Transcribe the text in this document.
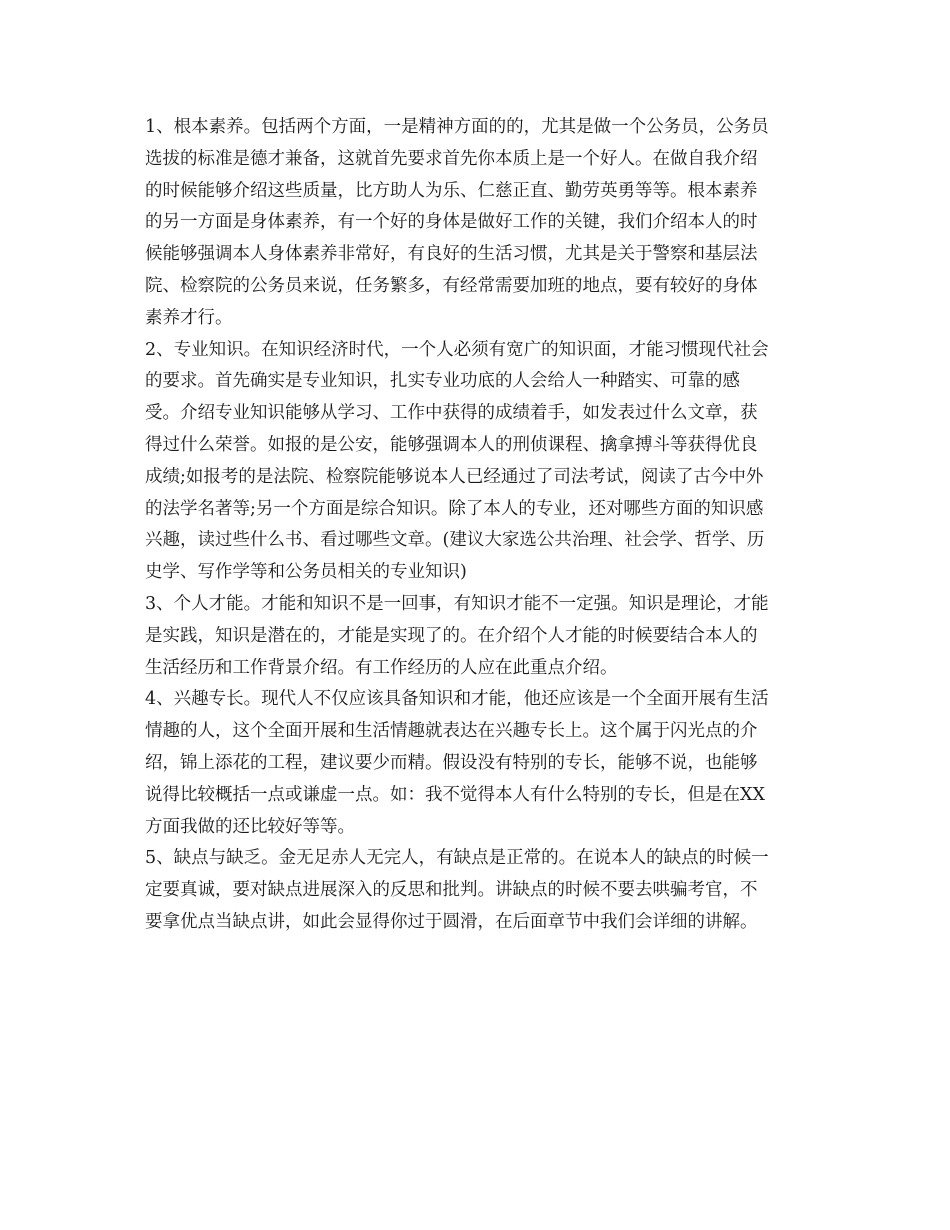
1、根本素养。包括两个方面，一是精神方面的的，尤其是做一个公务员，公务员
选拔的标准是德才兼备，这就首先要求首先你本质上是一个好人。在做自我介绍
的时候能够介绍这些质量，比方助人为乐、仁慈正直、勤劳英勇等等。根本素养
的另一方面是身体素养，有一个好的身体是做好工作的关键，我们介绍本人的时
候能够强调本人身体素养非常好，有良好的生活习惯，尤其是关于警察和基层法
院、检察院的公务员来说，任务繁多，有经常需要加班的地点，要有较好的身体
素养才行。
2、专业知识。在知识经济时代，一个人必须有宽广的知识面，才能习惯现代社会
的要求。首先确实是专业知识，扎实专业功底的人会给人一种踏实、可靠的感
受。介绍专业知识能够从学习、工作中获得的成绩着手，如发表过什么文章，获
得过什么荣誉。如报的是公安，能够强调本人的刑侦课程、擒拿搏斗等获得优良
成绩;如报考的是法院、检察院能够说本人已经通过了司法考试，阅读了古今中外
的法学名著等;另一个方面是综合知识。除了本人的专业，还对哪些方面的知识感
兴趣，读过些什么书、看过哪些文章。(建议大家选公共治理、社会学、哲学、历
史学、写作学等和公务员相关的专业知识)
3、个人才能。才能和知识不是一回事，有知识才能不一定强。知识是理论，才能
是实践，知识是潜在的，才能是实现了的。在介绍个人才能的时候要结合本人的
生活经历和工作背景介绍。有工作经历的人应在此重点介绍。
4、兴趣专长。现代人不仅应该具备知识和才能，他还应该是一个全面开展有生活
情趣的人，这个全面开展和生活情趣就表达在兴趣专长上。这个属于闪光点的介
绍，锦上添花的工程，建议要少而精。假设没有特别的专长，能够不说，也能够
说得比较概括一点或谦虚一点。如：我不觉得本人有什么特别的专长，但是在XX
方面我做的还比较好等等。
5、缺点与缺乏。金无足赤人无完人，有缺点是正常的。在说本人的缺点的时候一
定要真诚，要对缺点进展深入的反思和批判。讲缺点的时候不要去哄骗考官，不
要拿优点当缺点讲，如此会显得你过于圆滑，在后面章节中我们会详细的讲解。
